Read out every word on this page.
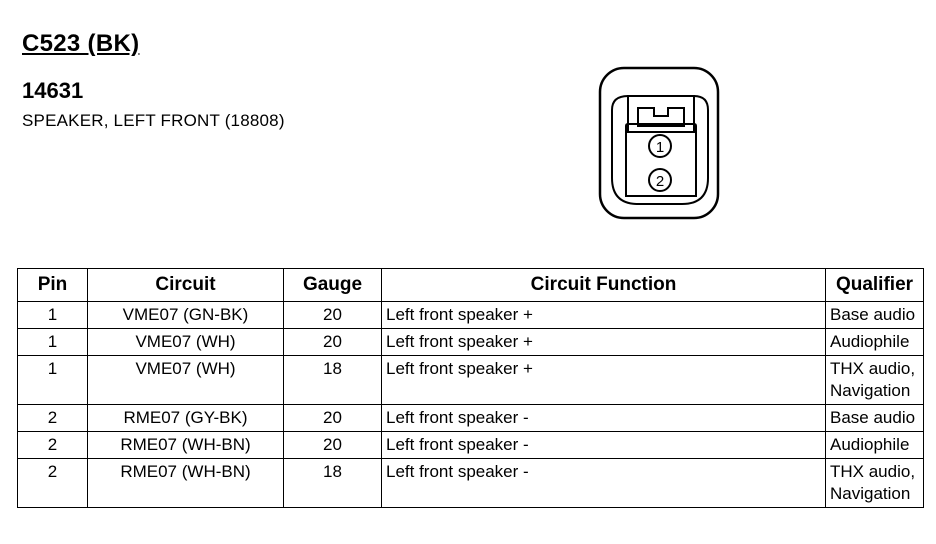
C523 (BK)
14631
SPEAKER, LEFT FRONT (18808)
1
2
Pin	Circuit	Gauge	Circuit Function	Qualifier
1	VME07 (GN-BK)	20	Left front speaker +	Base audio
1	VME07 (WH)	20	Left front speaker +	Audiophile
1	VME07 (WH)	18	Left front speaker +	THX audio,
Navigation
2	RME07 (GY-BK)	20	Left front speaker -	Base audio
2	RME07 (WH-BN)	20	Left front speaker -	Audiophile
2	RME07 (WH-BN)	18	Left front speaker -	THX audio,
Navigation
